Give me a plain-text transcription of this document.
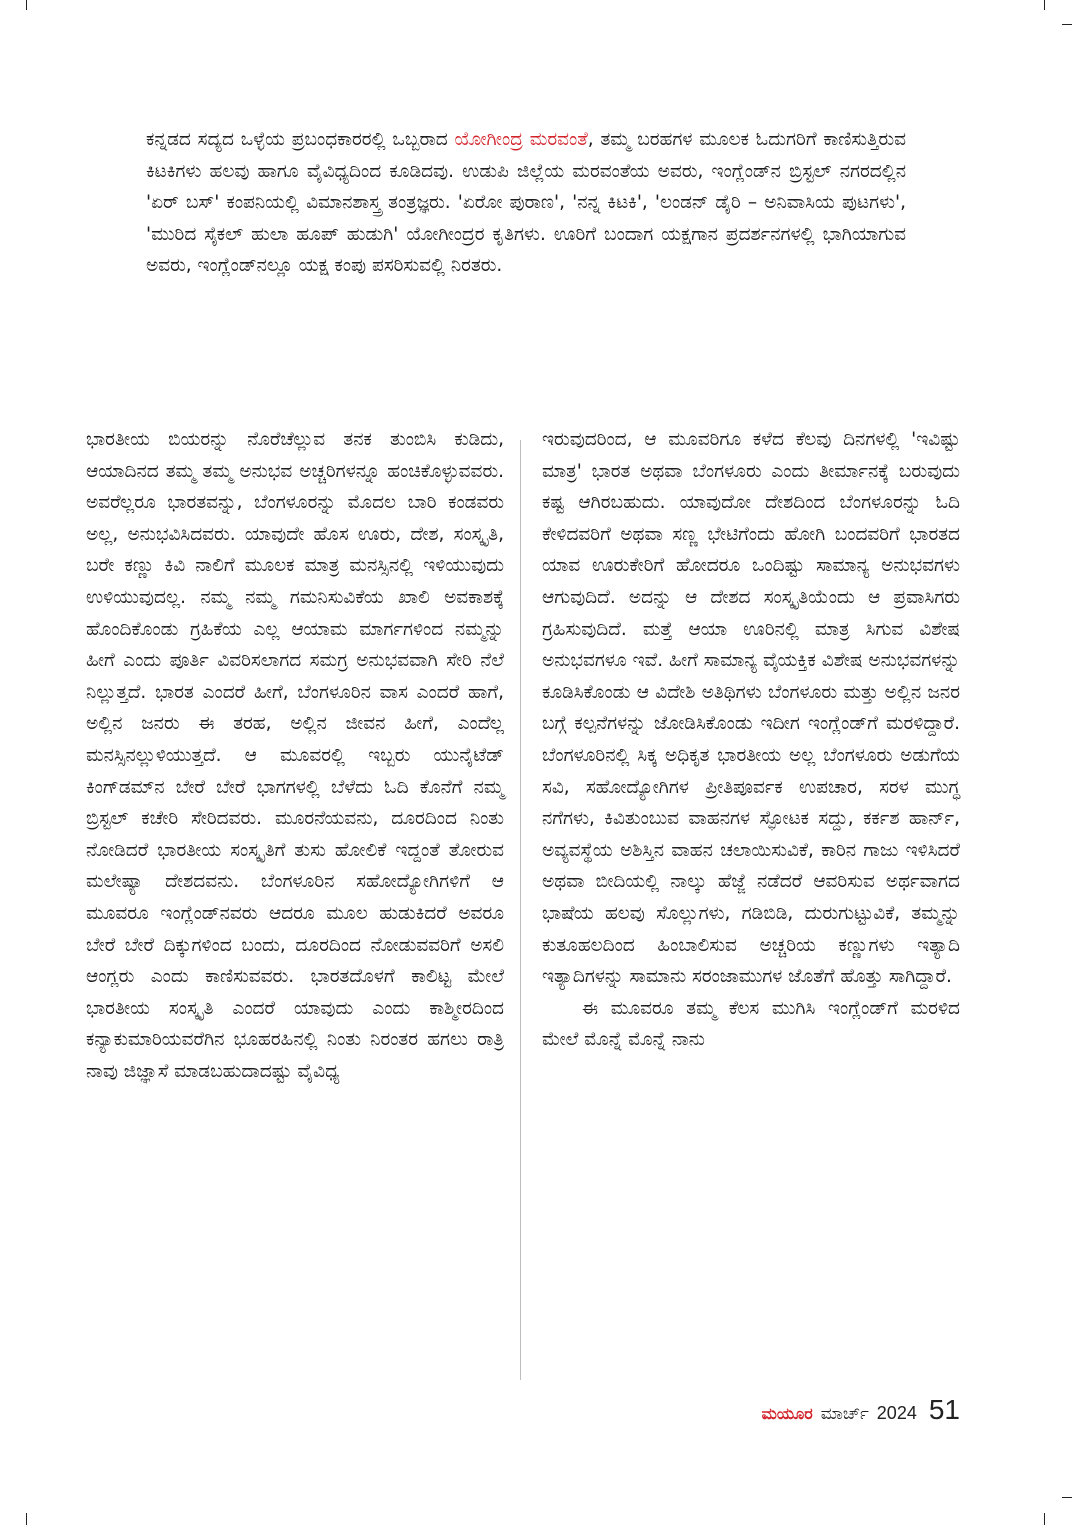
ಕನ್ನಡದ ಸದ್ಯದ ಒಳ್ಳೆಯ ಪ್ರಬಂಧಕಾರರಲ್ಲಿ ಒಬ್ಬರಾದ ಯೋಗೀಂದ್ರ ಮರವಂತೆ, ತಮ್ಮ ಬರಹಗಳ ಮೂಲಕ ಓದುಗರಿಗೆ ಕಾಣಿಸುತ್ತಿರುವ ಕಿಟಕಿಗಳು ಹಲವು ಹಾಗೂ ವೈವಿಧ್ಯದಿಂದ ಕೂಡಿದವು. ಉಡುಪಿ ಜಿಲ್ಲೆಯ ಮರವಂತೆಯ ಅವರು, ಇಂಗ್ಲೆಂಡ್‌ನ ಬ್ರಿಸ್ಟಲ್ ನಗರದಲ್ಲಿನ 'ಏರ್ ಬಸ್' ಕಂಪನಿಯಲ್ಲಿ ವಿಮಾನಶಾಸ್ತ್ರ ತಂತ್ರಜ್ಞರು. 'ಏರೋ ಪುರಾಣ', 'ನನ್ನ ಕಿಟಕಿ', 'ಲಂಡನ್ ಡೈರಿ – ಅನಿವಾಸಿಯ ಪುಟಗಳು', 'ಮುರಿದ ಸೈಕಲ್ ಹುಲಾ ಹೂಪ್ ಹುಡುಗಿ' ಯೋಗೀಂದ್ರರ ಕೃತಿಗಳು. ಊರಿಗೆ ಬಂದಾಗ ಯಕ್ಷಗಾನ ಪ್ರದರ್ಶನಗಳಲ್ಲಿ ಭಾಗಿಯಾಗುವ ಅವರು, ಇಂಗ್ಲೆಂಡ್‌ನಲ್ಲೂ ಯಕ್ಷ ಕಂಪು ಪಸರಿಸುವಲ್ಲಿ ನಿರತರು.

ಭಾರತೀಯ ಬಿಯರನ್ನು ನೊರೆಚೆಲ್ಲುವ ತನಕ ತುಂಬಿಸಿ ಕುಡಿದು, ಆಯಾದಿನದ ತಮ್ಮ ತಮ್ಮ ಅನುಭವ ಅಚ್ಚರಿಗಳನ್ನೂ ಹಂಚಿಕೊಳ್ಳುವವರು. ಅವರೆಲ್ಲರೂ ಭಾರತವನ್ನು, ಬೆಂಗಳೂರನ್ನು ಮೊದಲ ಬಾರಿ ಕಂಡವರು ಅಲ್ಲ, ಅನುಭವಿಸಿದವರು. ಯಾವುದೇ ಹೊಸ ಊರು, ದೇಶ, ಸಂಸ್ಕೃತಿ, ಬರೇ ಕಣ್ಣು ಕಿವಿ ನಾಲಿಗೆ ಮೂಲಕ ಮಾತ್ರ ಮನಸ್ಸಿನಲ್ಲಿ ಇಳಿಯುವುದು ಉಳಿಯುವುದಲ್ಲ. ನಮ್ಮ ನಮ್ಮ ಗಮನಿಸುವಿಕೆಯ ಖಾಲಿ ಅವಕಾಶಕ್ಕೆ ಹೊಂದಿಕೊಂಡು ಗ್ರಹಿಕೆಯ ಎಲ್ಲ ಆಯಾಮ ಮಾರ್ಗಗಳಿಂದ ನಮ್ಮನ್ನು ಹೀಗೆ ಎಂದು ಪೂರ್ತಿ ವಿವರಿಸಲಾಗದ ಸಮಗ್ರ ಅನುಭವವಾಗಿ ಸೇರಿ ನೆಲೆ ನಿಲ್ಲುತ್ತದೆ. ಭಾರತ ಎಂದರೆ ಹೀಗೆ, ಬೆಂಗಳೂರಿನ ವಾಸ ಎಂದರೆ ಹಾಗೆ, ಅಲ್ಲಿನ ಜನರು ಈ ತರಹ, ಅಲ್ಲಿನ ಜೀವನ ಹೀಗೆ, ಎಂದೆಲ್ಲ ಮನಸ್ಸಿನಲ್ಲುಳಿಯುತ್ತದೆ. ಆ ಮೂವರಲ್ಲಿ ಇಬ್ಬರು ಯುನೈಟೆಡ್ ಕಿಂಗ್‌ಡಮ್‌ನ ಬೇರೆ ಬೇರೆ ಭಾಗಗಳಲ್ಲಿ ಬೆಳೆದು ಓದಿ ಕೊನೆಗೆ ನಮ್ಮ ಬ್ರಿಸ್ಟಲ್ ಕಚೇರಿ ಸೇರಿದವರು. ಮೂರನೆಯವನು, ದೂರದಿಂದ ನಿಂತು ನೋಡಿದರೆ ಭಾರತೀಯ ಸಂಸ್ಕೃತಿಗೆ ತುಸು ಹೋಲಿಕೆ ಇದ್ದಂತೆ ತೋರುವ ಮಲೇಷ್ಯಾ ದೇಶದವನು. ಬೆಂಗಳೂರಿನ ಸಹೋದ್ಯೋಗಿಗಳಿಗೆ ಆ ಮೂವರೂ ಇಂಗ್ಲೆಂಡ್‌ನವರು ಆದರೂ ಮೂಲ ಹುಡುಕಿದರೆ ಅವರೂ ಬೇರೆ ಬೇರೆ ದಿಕ್ಕುಗಳಿಂದ ಬಂದು, ದೂರದಿಂದ ನೋಡುವವರಿಗೆ ಅಸಲಿ ಆಂಗ್ಲರು ಎಂದು ಕಾಣಿಸುವವರು. ಭಾರತದೊಳಗೆ ಕಾಲಿಟ್ಟ ಮೇಲೆ ಭಾರತೀಯ ಸಂಸ್ಕೃತಿ ಎಂದರೆ ಯಾವುದು ಎಂದು ಕಾಶ್ಮೀರದಿಂದ ಕನ್ಯಾಕುಮಾರಿಯವರೆಗಿನ ಭೂಹರಹಿನಲ್ಲಿ ನಿಂತು ನಿರಂತರ ಹಗಲು ರಾತ್ರಿ ನಾವು ಜಿಜ್ಞಾಸೆ ಮಾಡಬಹುದಾದಷ್ಟು ವೈವಿಧ್ಯ

ಇರುವುದರಿಂದ, ಆ ಮೂವರಿಗೂ ಕಳೆದ ಕೆಲವು ದಿನಗಳಲ್ಲಿ 'ಇವಿಷ್ಟು ಮಾತ್ರ' ಭಾರತ ಅಥವಾ ಬೆಂಗಳೂರು ಎಂದು ತೀರ್ಮಾನಕ್ಕೆ ಬರುವುದು ಕಷ್ಟ ಆಗಿರಬಹುದು. ಯಾವುದೋ ದೇಶದಿಂದ ಬೆಂಗಳೂರನ್ನು ಓದಿ ಕೇಳಿದವರಿಗೆ ಅಥವಾ ಸಣ್ಣ ಭೇಟಿಗೆಂದು ಹೋಗಿ ಬಂದವರಿಗೆ ಭಾರತದ ಯಾವ ಊರುಕೇರಿಗೆ ಹೋದರೂ ಒಂದಿಷ್ಟು ಸಾಮಾನ್ಯ ಅನುಭವಗಳು ಆಗುವುದಿದೆ. ಅದನ್ನು ಆ ದೇಶದ ಸಂಸ್ಕೃತಿಯೆಂದು ಆ ಪ್ರವಾಸಿಗರು ಗ್ರಹಿಸುವುದಿದೆ. ಮತ್ತೆ ಆಯಾ ಊರಿನಲ್ಲಿ ಮಾತ್ರ ಸಿಗುವ ವಿಶೇಷ ಅನುಭವಗಳೂ ಇವೆ. ಹೀಗೆ ಸಾಮಾನ್ಯ ವೈಯಕ್ತಿಕ ವಿಶೇಷ ಅನುಭವಗಳನ್ನು ಕೂಡಿಸಿಕೊಂಡು ಆ ವಿದೇಶಿ ಅತಿಥಿಗಳು ಬೆಂಗಳೂರು ಮತ್ತು ಅಲ್ಲಿನ ಜನರ ಬಗ್ಗೆ ಕಲ್ಪನೆಗಳನ್ನು ಜೋಡಿಸಿಕೊಂಡು ಇದೀಗ ಇಂಗ್ಲೆಂಡ್‌ಗೆ ಮರಳಿದ್ದಾರೆ. ಬೆಂಗಳೂರಿನಲ್ಲಿ ಸಿಕ್ಕ ಅಧಿಕೃತ ಭಾರತೀಯ ಅಲ್ಲ ಬೆಂಗಳೂರು ಅಡುಗೆಯ ಸವಿ, ಸಹೋದ್ಯೋಗಿಗಳ ಪ್ರೀತಿಪೂರ್ವಕ ಉಪಚಾರ, ಸರಳ ಮುಗ್ಧ ನಗೆಗಳು, ಕಿವಿತುಂಬುವ ವಾಹನಗಳ ಸ್ಫೋಟಕ ಸದ್ದು, ಕರ್ಕಶ ಹಾರ್ನ್, ಅವ್ಯವಸ್ಥೆಯ ಅಶಿಸ್ತಿನ ವಾಹನ ಚಲಾಯಿಸುವಿಕೆ, ಕಾರಿನ ಗಾಜು ಇಳಿಸಿದರೆ ಅಥವಾ ಬೀದಿಯಲ್ಲಿ ನಾಲ್ಕು ಹೆಜ್ಜೆ ನಡೆದರೆ ಆವರಿಸುವ ಅರ್ಥವಾಗದ ಭಾಷೆಯ ಹಲವು ಸೊಲ್ಲುಗಳು, ಗಡಿಬಿಡಿ, ದುರುಗುಟ್ಟುವಿಕೆ, ತಮ್ಮನ್ನು ಕುತೂಹಲದಿಂದ ಹಿಂಬಾಲಿಸುವ ಅಚ್ಚರಿಯ ಕಣ್ಣುಗಳು ಇತ್ಯಾದಿ ಇತ್ಯಾದಿಗಳನ್ನು ಸಾಮಾನು ಸರಂಜಾಮುಗಳ ಜೊತೆಗೆ ಹೊತ್ತು ಸಾಗಿದ್ದಾರೆ.

ಈ ಮೂವರೂ ತಮ್ಮ ಕೆಲಸ ಮುಗಿಸಿ ಇಂಗ್ಲೆಂಡ್‌ಗೆ ಮರಳಿದ ಮೇಲೆ ಮೊನ್ನೆ ಮೊನ್ನೆ ನಾನು

ಮಯೂರ ಮಾರ್ಚ್ 2024 51
